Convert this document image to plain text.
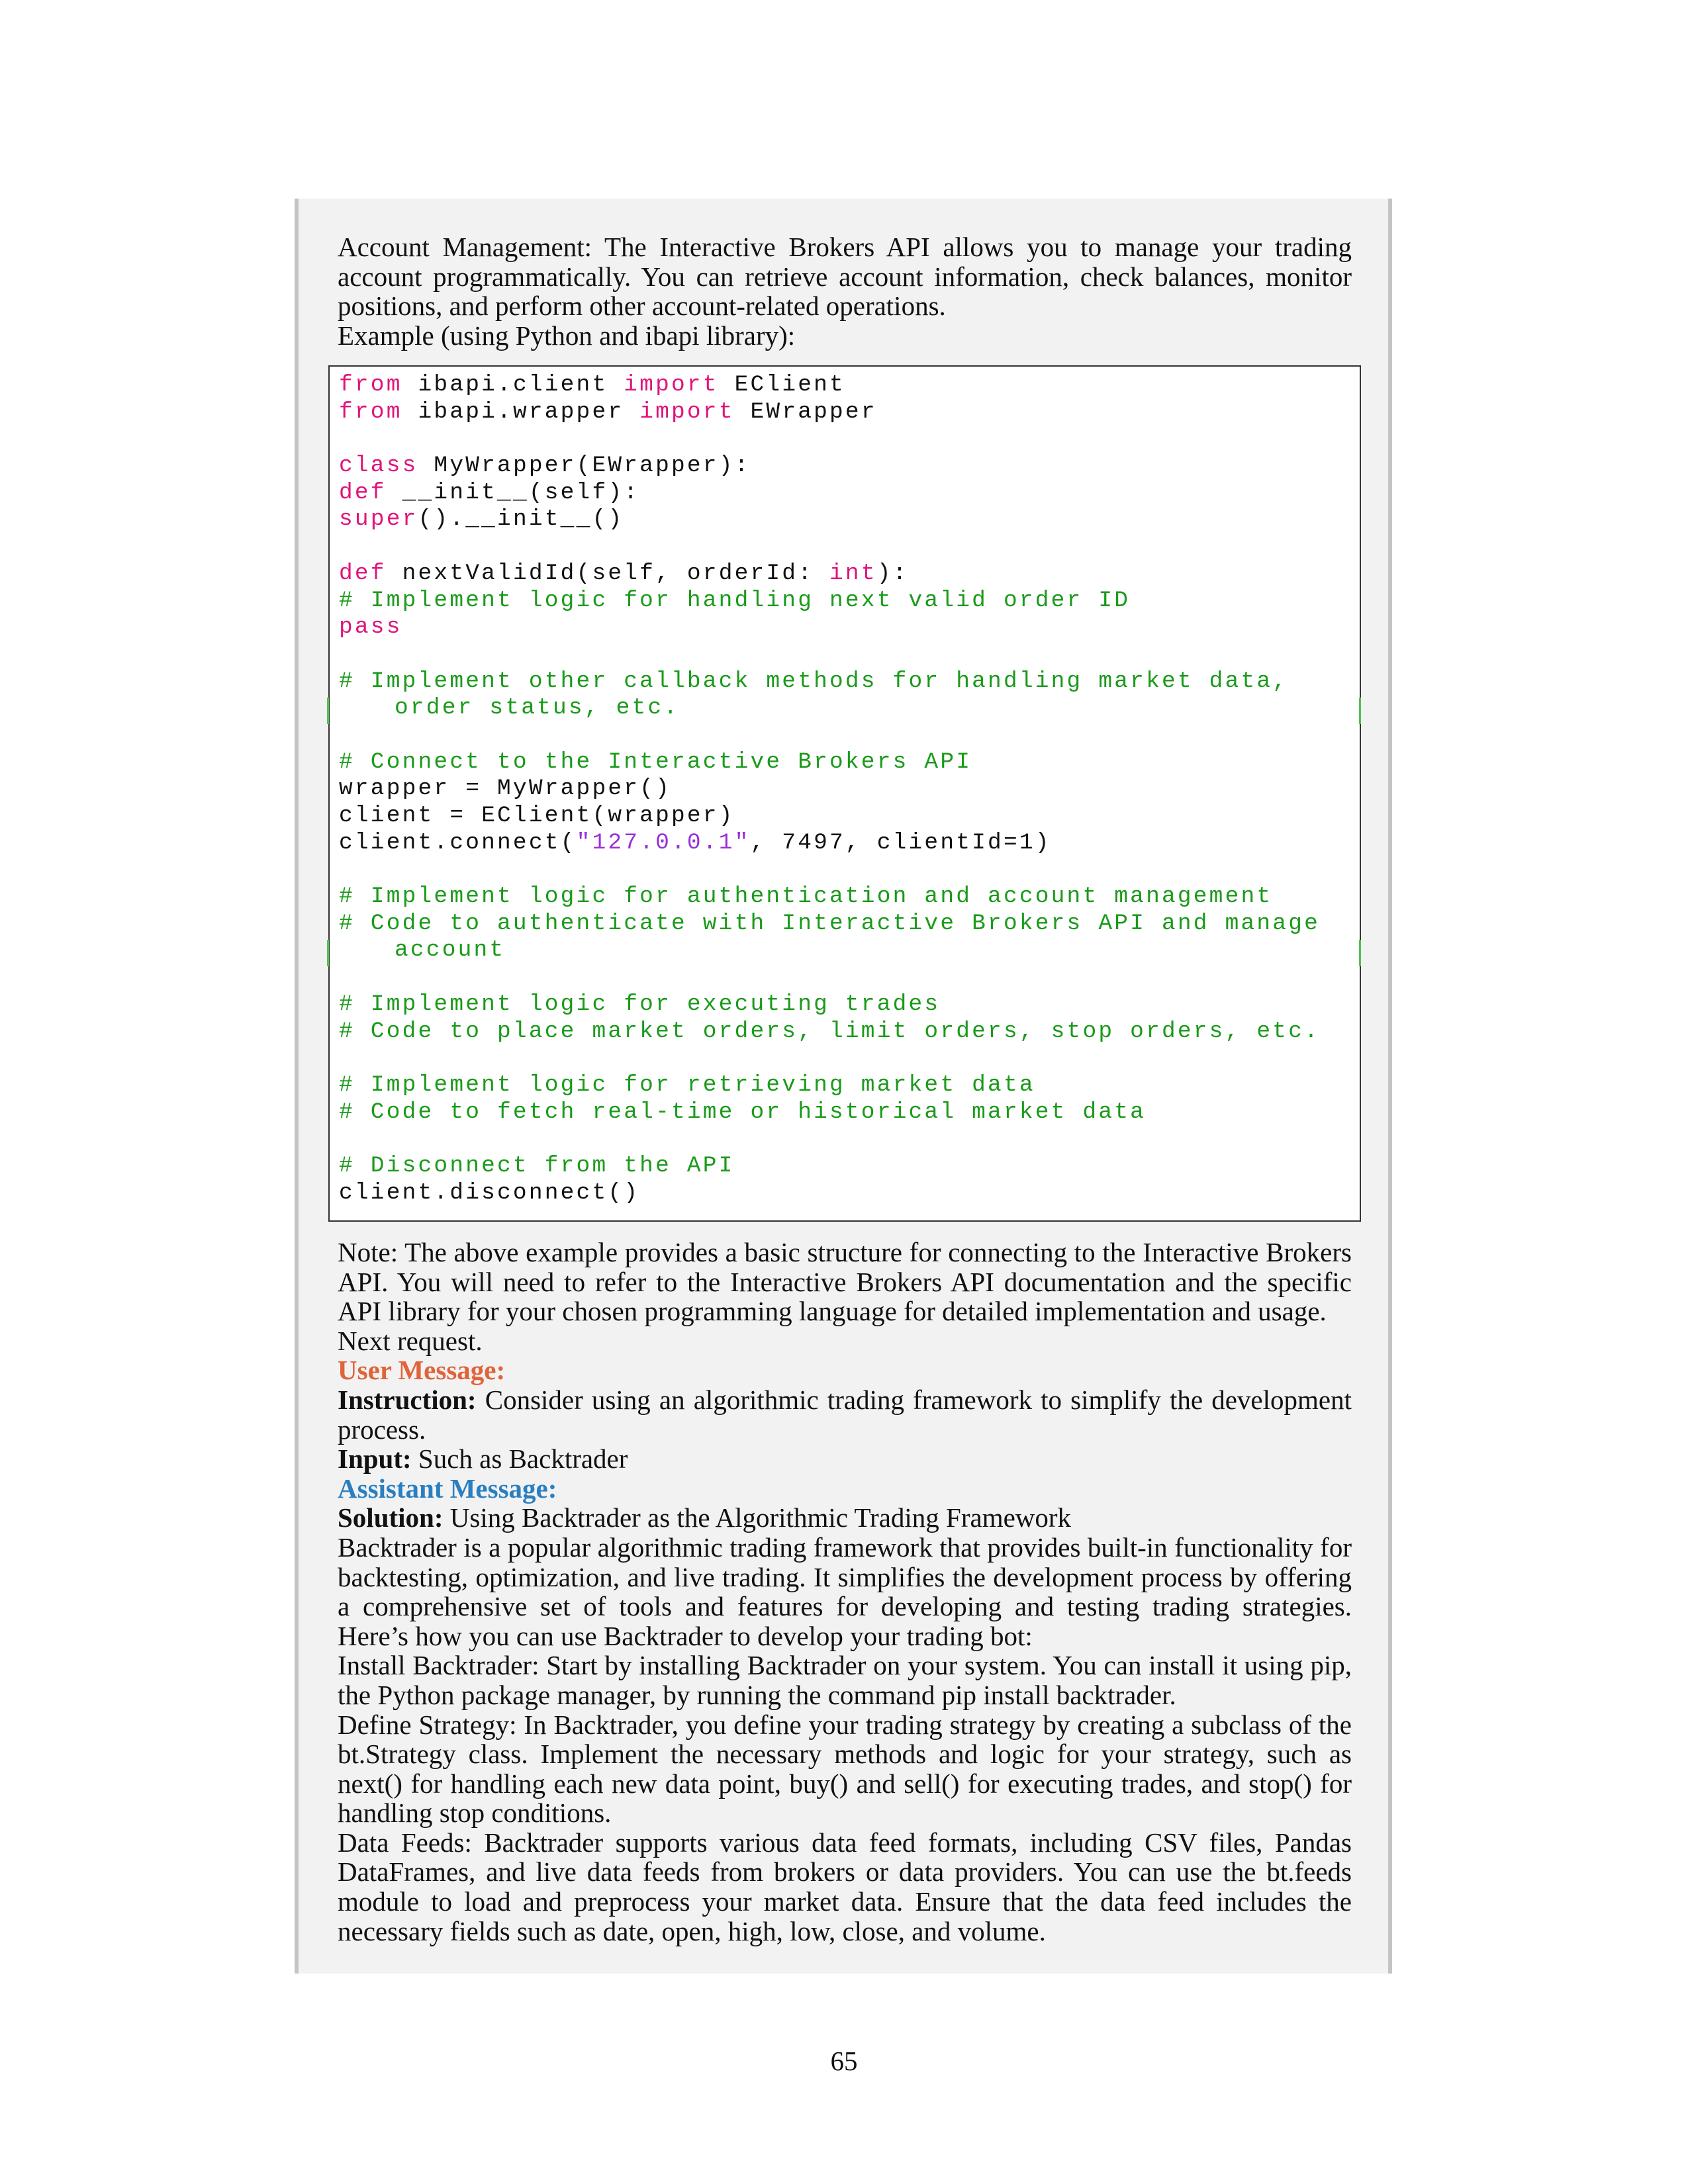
Account Management: The Interactive Brokers API allows you to manage your trading account programmatically. You can retrieve account information, check balances, monitor positions, and perform other account-related operations.

Example (using Python and ibapi library):

from ibapi.client import EClient
from ibapi.wrapper import EWrapper
class MyWrapper(EWrapper):
def __init__(self):
super().__init__()
def nextValidId(self, orderId: int):
# Implement logic for handling next valid order ID
pass
# Implement other callback methods for handling market data,
order status, etc.
# Connect to the Interactive Brokers API
wrapper = MyWrapper()
client = EClient(wrapper)
client.connect("127.0.0.1", 7497, clientId=1)
# Implement logic for authentication and account management
# Code to authenticate with Interactive Brokers API and manage
account
# Implement logic for executing trades
# Code to place market orders, limit orders, stop orders, etc.
# Implement logic for retrieving market data
# Code to fetch real-time or historical market data
# Disconnect from the API
client.disconnect()

Note: The above example provides a basic structure for connecting to the Interactive Brokers API. You will need to refer to the Interactive Brokers API documentation and the specific API library for your chosen programming language for detailed implementation and usage.

Next request.

User Message:

Instruction: Consider using an algorithmic trading framework to simplify the development process.

Input: Such as Backtrader

Assistant Message:

Solution: Using Backtrader as the Algorithmic Trading Framework

Backtrader is a popular algorithmic trading framework that provides built-in functionality for backtesting, optimization, and live trading. It simplifies the development process by offering a comprehensive set of tools and features for developing and testing trading strategies. Here’s how you can use Backtrader to develop your trading bot:

Install Backtrader: Start by installing Backtrader on your system. You can install it using pip, the Python package manager, by running the command pip install backtrader.

Define Strategy: In Backtrader, you define your trading strategy by creating a subclass of the bt.Strategy class. Implement the necessary methods and logic for your strategy, such as next() for handling each new data point, buy() and sell() for executing trades, and stop() for handling stop conditions.

Data Feeds: Backtrader supports various data feed formats, including CSV files, Pandas DataFrames, and live data feeds from brokers or data providers. You can use the bt.feeds module to load and preprocess your market data. Ensure that the data feed includes the necessary fields such as date, open, high, low, close, and volume.

65
